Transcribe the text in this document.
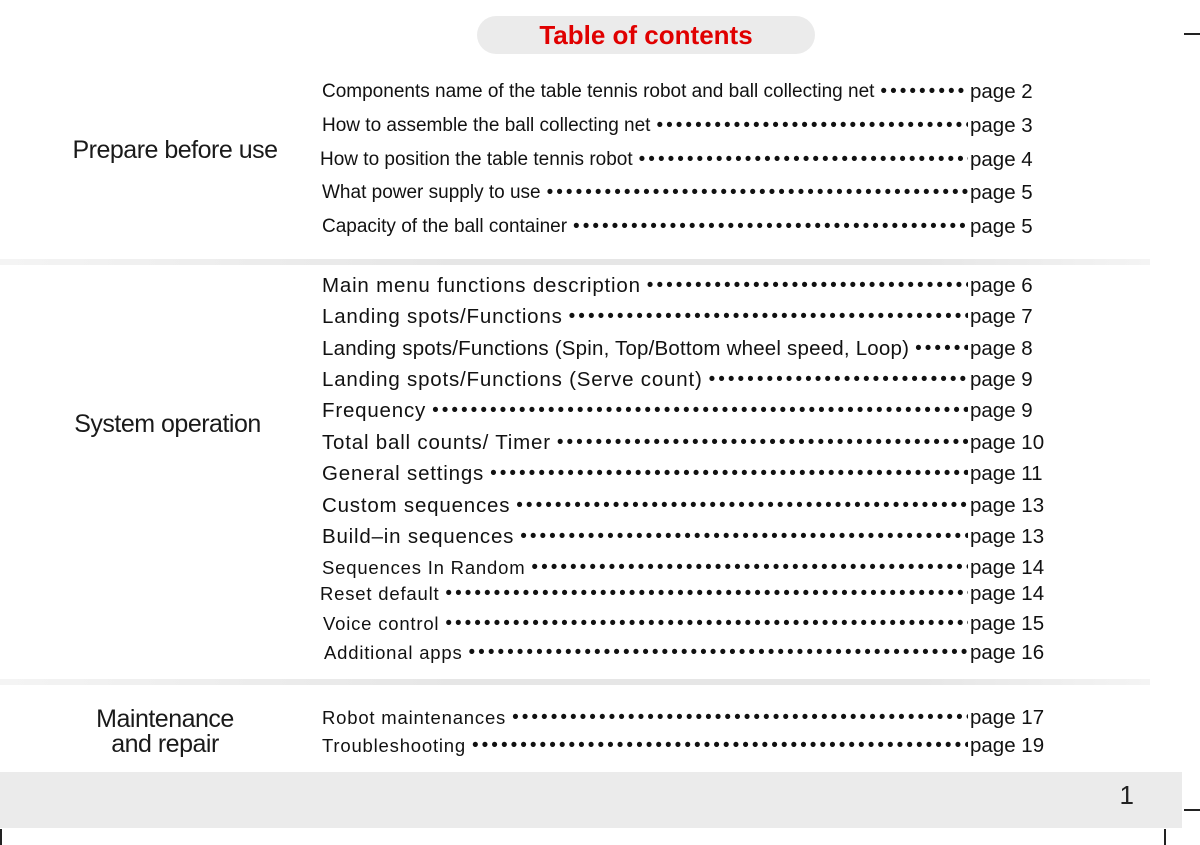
Table of contents
Prepare before use
Components name of the table tennis robot and ball collecting net •••••	page 2
How to assemble the ball collecting net •••••	page 3
How to position the table tennis robot •••••	page 4
What power supply to use •••••	page 5
Capacity of the ball container •••••	page 5
System operation
Main menu functions description •••••	page 6
Landing spots/Functions •••••	page 7
Landing spots/Functions (Spin, Top/Bottom wheel speed, Loop) •••••	page 8
Landing spots/Functions (Serve count) •••••	page 9
Frequency •••••	page 9
Total ball counts/ Timer •••••	page 10
General settings •••••	page 11
Custom sequences •••••	page 13
Build–in sequences •••••	page 13
Sequences In Random •••••	page 14
Reset default •••••	page 14
Voice control •••••	page 15
Additional apps •••••	page 16
Maintenance
and repair
Robot maintenances •••••	page 17
Troubleshooting •••••	page 19
1
